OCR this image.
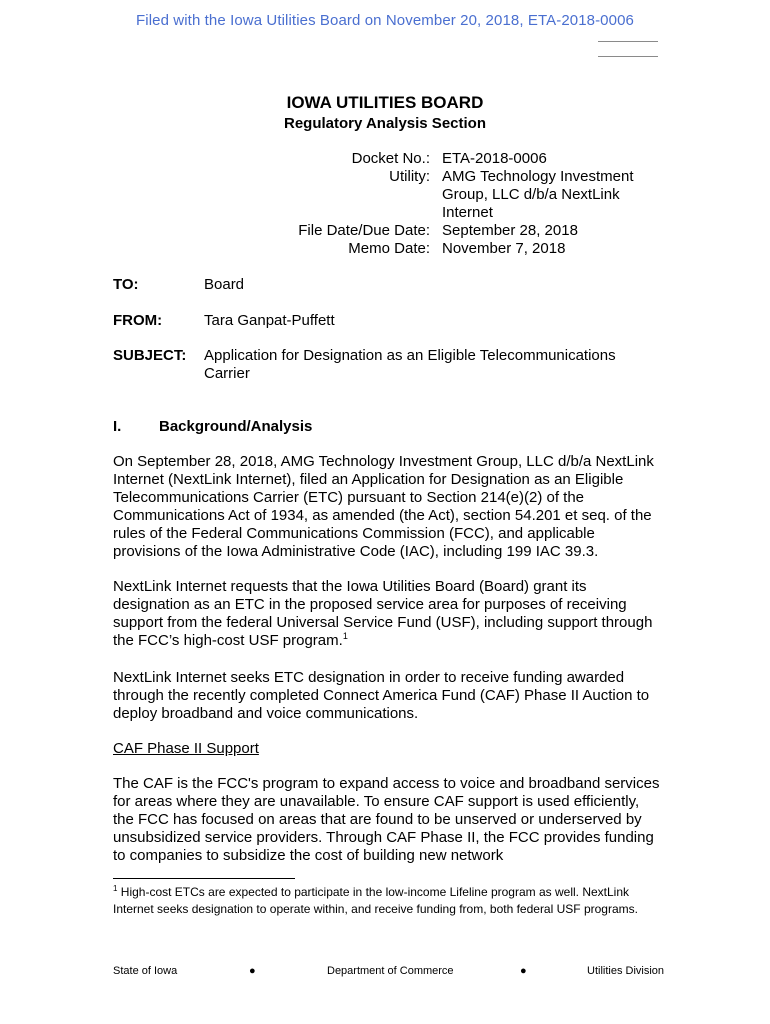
Filed with the Iowa Utilities Board on November 20, 2018, ETA-2018-0006
IOWA UTILITIES BOARD
Regulatory Analysis Section
Docket No.: ETA-2018-0006
Utility: AMG Technology Investment Group, LLC d/b/a NextLink Internet
File Date/Due Date: September 28, 2018
Memo Date: November 7, 2018
TO:	Board
FROM:	Tara Ganpat-Puffett
SUBJECT: Application for Designation as an Eligible Telecommunications Carrier
I.	Background/Analysis

On September 28, 2018, AMG Technology Investment Group, LLC d/b/a NextLink Internet (NextLink Internet), filed an Application for Designation as an Eligible Telecommunications Carrier (ETC) pursuant to Section 214(e)(2) of the Communications Act of 1934, as amended (the Act), section 54.201 et seq. of the rules of the Federal Communications Commission (FCC), and applicable provisions of the Iowa Administrative Code (IAC), including 199 IAC 39.3.

NextLink Internet requests that the Iowa Utilities Board (Board) grant its designation as an ETC in the proposed service area for purposes of receiving support from the federal Universal Service Fund (USF), including support through the FCC’s high-cost USF program.$^1$

NextLink Internet seeks ETC designation in order to receive funding awarded through the recently completed Connect America Fund (CAF) Phase II Auction to deploy broadband and voice communications.

CAF Phase II Support

The CAF is the FCC's program to expand access to voice and broadband services for areas where they are unavailable. To ensure CAF support is used efficiently, the FCC has focused on areas that are found to be unserved or underserved by unsubsidized service providers. Through CAF Phase II, the FCC provides funding to companies to subsidize the cost of building new network

$^1$ High-cost ETCs are expected to participate in the low-income Lifeline program as well. NextLink Internet seeks designation to operate within, and receive funding from, both federal USF programs.
State of Iowa	●	Department of Commerce	●	Utilities Division
